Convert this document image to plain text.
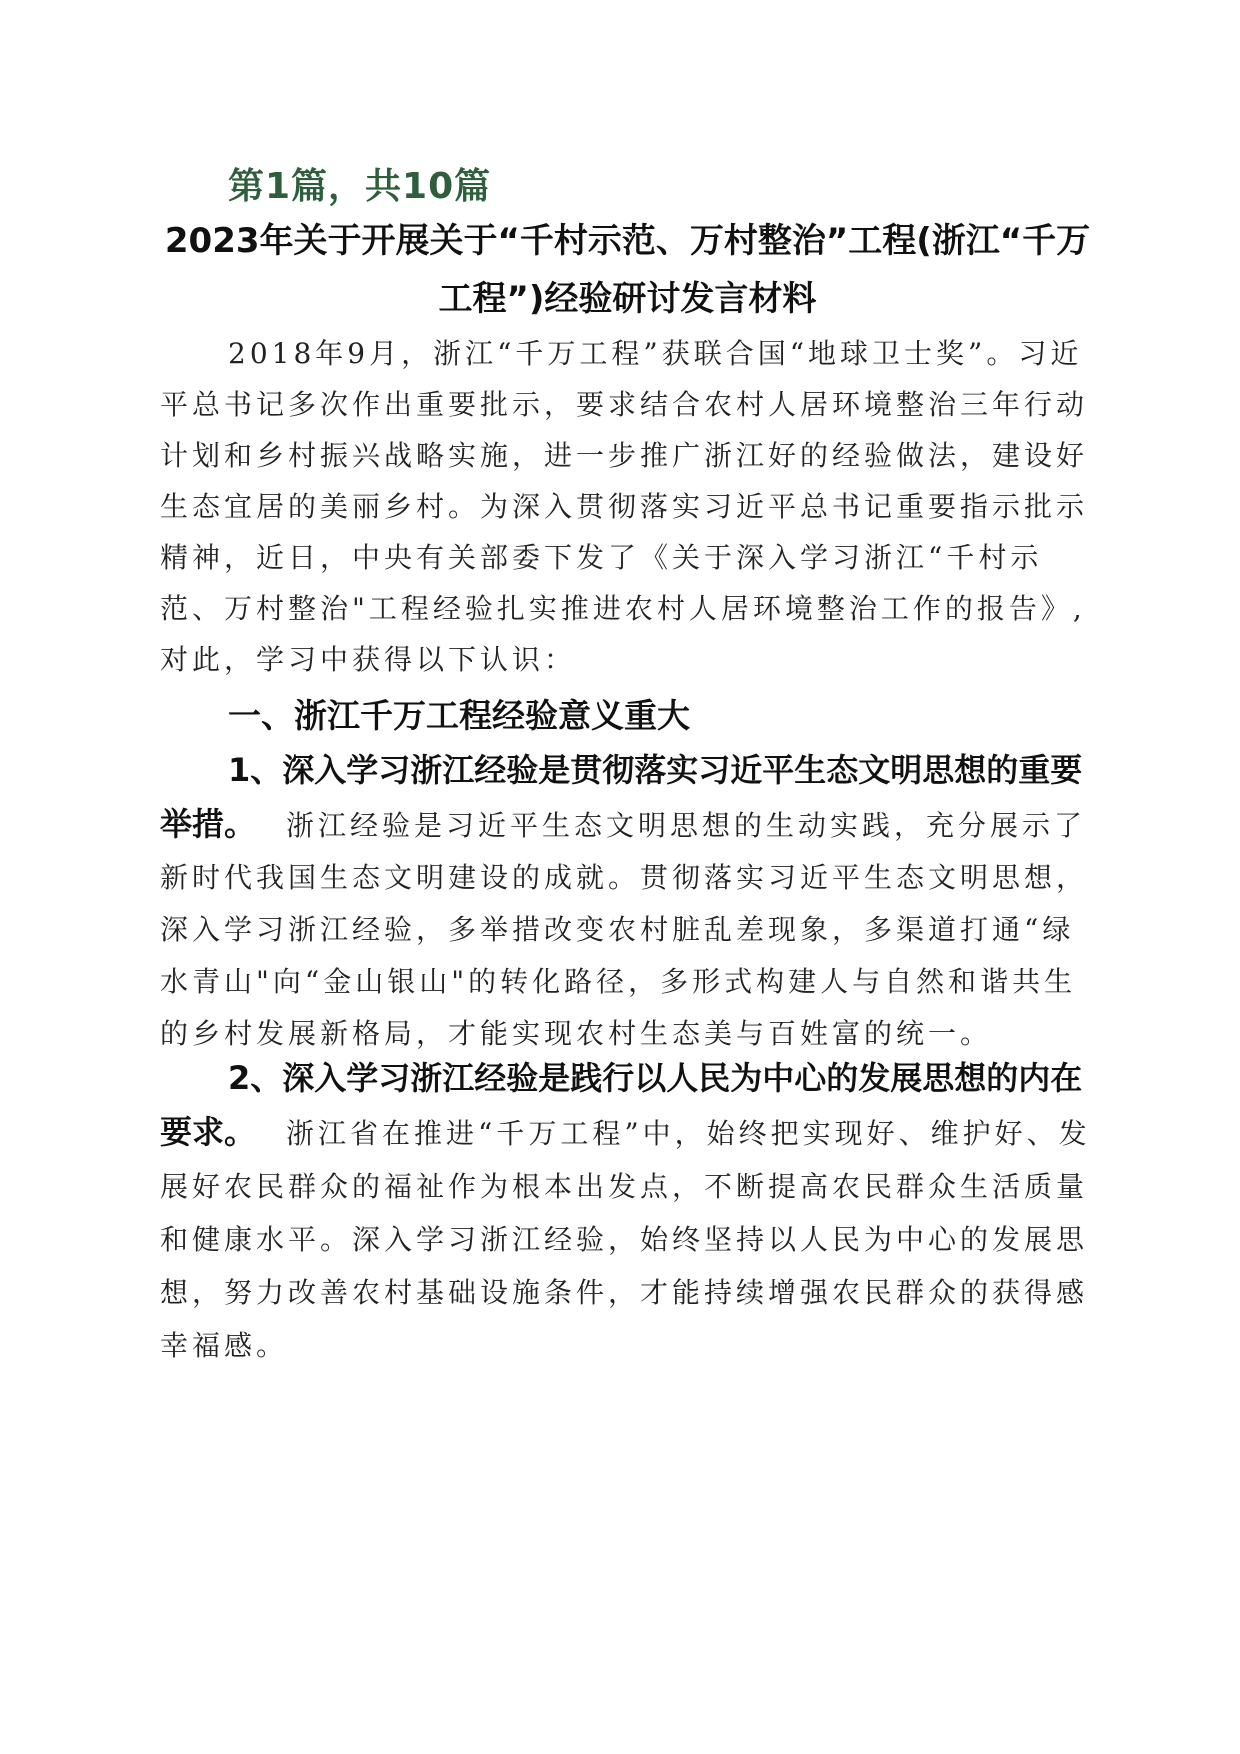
第1篇，共10篇
2023年关于开展关于“千村示范、万村整治”工程(浙江“千万工程”)经验研讨发言材料

2018年9月，浙江“千万工程”获联合国“地球卫士奖”。习近平总书记多次作出重要批示，要求结合农村人居环境整治三年行动计划和乡村振兴战略实施，进一步推广浙江好的经验做法，建设好生态宜居的美丽乡村。为深入贯彻落实习近平总书记重要指示批示精神，近日，中央有关部委下发了《关于深入学习浙江“千村示范、万村整治"工程经验扎实推进农村人居环境整治工作的报告》,对此，学习中获得以下认识：

一、浙江千万工程经验意义重大

1、深入学习浙江经验是贯彻落实习近平生态文明思想的重要举措。 浙江经验是习近平生态文明思想的生动实践，充分展示了新时代我国生态文明建设的成就。贯彻落实习近平生态文明思想，深入学习浙江经验，多举措改变农村脏乱差现象，多渠道打通“绿水青山"向“金山银山"的转化路径，多形式构建人与自然和谐共生的乡村发展新格局，才能实现农村生态美与百姓富的统一。

2、深入学习浙江经验是践行以人民为中心的发展思想的内在要求。 浙江省在推进“千万工程”中，始终把实现好、维护好、发展好农民群众的福祉作为根本出发点，不断提高农民群众生活质量和健康水平。深入学习浙江经验，始终坚持以人民为中心的发展思想，努力改善农村基础设施条件，才能持续增强农民群众的获得感幸福感。
